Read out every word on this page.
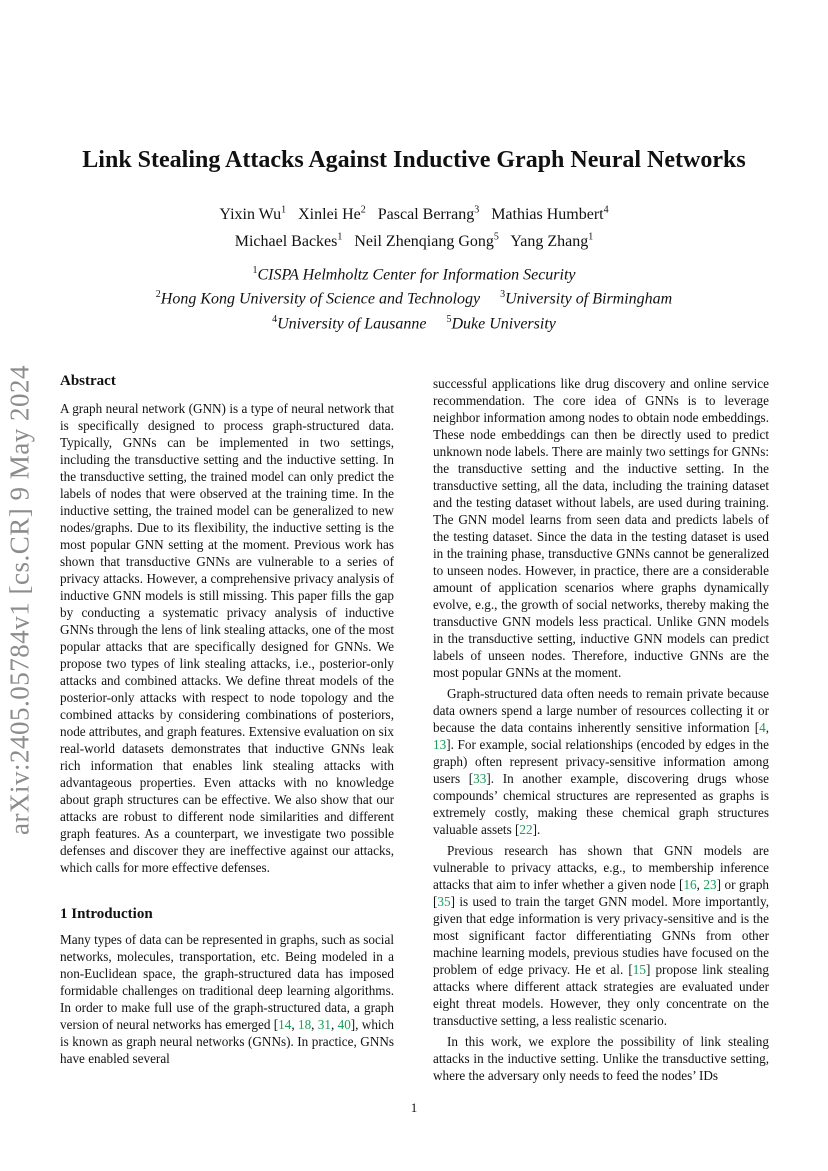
arXiv:2405.05784v1 [cs.CR] 9 May 2024
Link Stealing Attacks Against Inductive Graph Neural Networks
Yixin Wu$^1$ Xinlei He$^2$ Pascal Berrang$^3$ Mathias Humbert$^4$
Michael Backes$^1$ Neil Zhenqiang Gong$^5$ Yang Zhang$^1$
$^1$CISPA Helmholtz Center for Information Security
$^2$Hong Kong University of Science and Technology $^3$University of Birmingham
$^4$University of Lausanne $^5$Duke University
Abstract

A graph neural network (GNN) is a type of neural network that is specifically designed to process graph-structured data. Typically, GNNs can be implemented in two settings, including the transductive setting and the inductive setting. In the transductive setting, the trained model can only predict the labels of nodes that were observed at the training time. In the inductive setting, the trained model can be generalized to new nodes/graphs. Due to its flexibility, the inductive setting is the most popular GNN setting at the moment. Previous work has shown that transductive GNNs are vulnerable to a series of privacy attacks. However, a comprehensive privacy analysis of inductive GNN models is still missing. This paper fills the gap by conducting a systematic privacy analysis of inductive GNNs through the lens of link stealing attacks, one of the most popular attacks that are specifically designed for GNNs. We propose two types of link stealing attacks, i.e., posterior-only attacks and combined attacks. We define threat models of the posterior-only attacks with respect to node topology and the combined attacks by considering combinations of posteriors, node attributes, and graph features. Extensive evaluation on six real-world datasets demonstrates that inductive GNNs leak rich information that enables link stealing attacks with advantageous properties. Even attacks with no knowledge about graph structures can be effective. We also show that our attacks are robust to different node similarities and different graph features. As a counterpart, we investigate two possible defenses and discover they are ineffective against our attacks, which calls for more effective defenses.

1 Introduction

Many types of data can be represented in graphs, such as social networks, molecules, transportation, etc. Being modeled in a non-Euclidean space, the graph-structured data has imposed formidable challenges on traditional deep learning algorithms. In order to make full use of the graph-structured data, a graph version of neural networks has emerged [14, 18, 31, 40], which is known as graph neural networks (GNNs). In practice, GNNs have enabled several

successful applications like drug discovery and online service recommendation. The core idea of GNNs is to leverage neighbor information among nodes to obtain node embeddings. These node embeddings can then be directly used to predict unknown node labels. There are mainly two settings for GNNs: the transductive setting and the inductive setting. In the transductive setting, all the data, including the training dataset and the testing dataset without labels, are used during training. The GNN model learns from seen data and predicts labels of the testing dataset. Since the data in the testing dataset is used in the training phase, transductive GNNs cannot be generalized to unseen nodes. However, in practice, there are a considerable amount of application scenarios where graphs dynamically evolve, e.g., the growth of social networks, thereby making the transductive GNN models less practical. Unlike GNN models in the transductive setting, inductive GNN models can predict labels of unseen nodes. Therefore, inductive GNNs are the most popular GNNs at the moment.

Graph-structured data often needs to remain private because data owners spend a large number of resources collecting it or because the data contains inherently sensitive information [4, 13]. For example, social relationships (encoded by edges in the graph) often represent privacy-sensitive information among users [33]. In another example, discovering drugs whose compounds’ chemical structures are represented as graphs is extremely costly, making these chemical graph structures valuable assets [22].

Previous research has shown that GNN models are vulnerable to privacy attacks, e.g., to membership inference attacks that aim to infer whether a given node [16, 23] or graph [35] is used to train the target GNN model. More importantly, given that edge information is very privacy-sensitive and is the most significant factor differentiating GNNs from other machine learning models, previous studies have focused on the problem of edge privacy. He et al. [15] propose link stealing attacks where different attack strategies are evaluated under eight threat models. However, they only concentrate on the transductive setting, a less realistic scenario.

In this work, we explore the possibility of link stealing attacks in the inductive setting. Unlike the transductive setting, where the adversary only needs to feed the nodes’ IDs

1
